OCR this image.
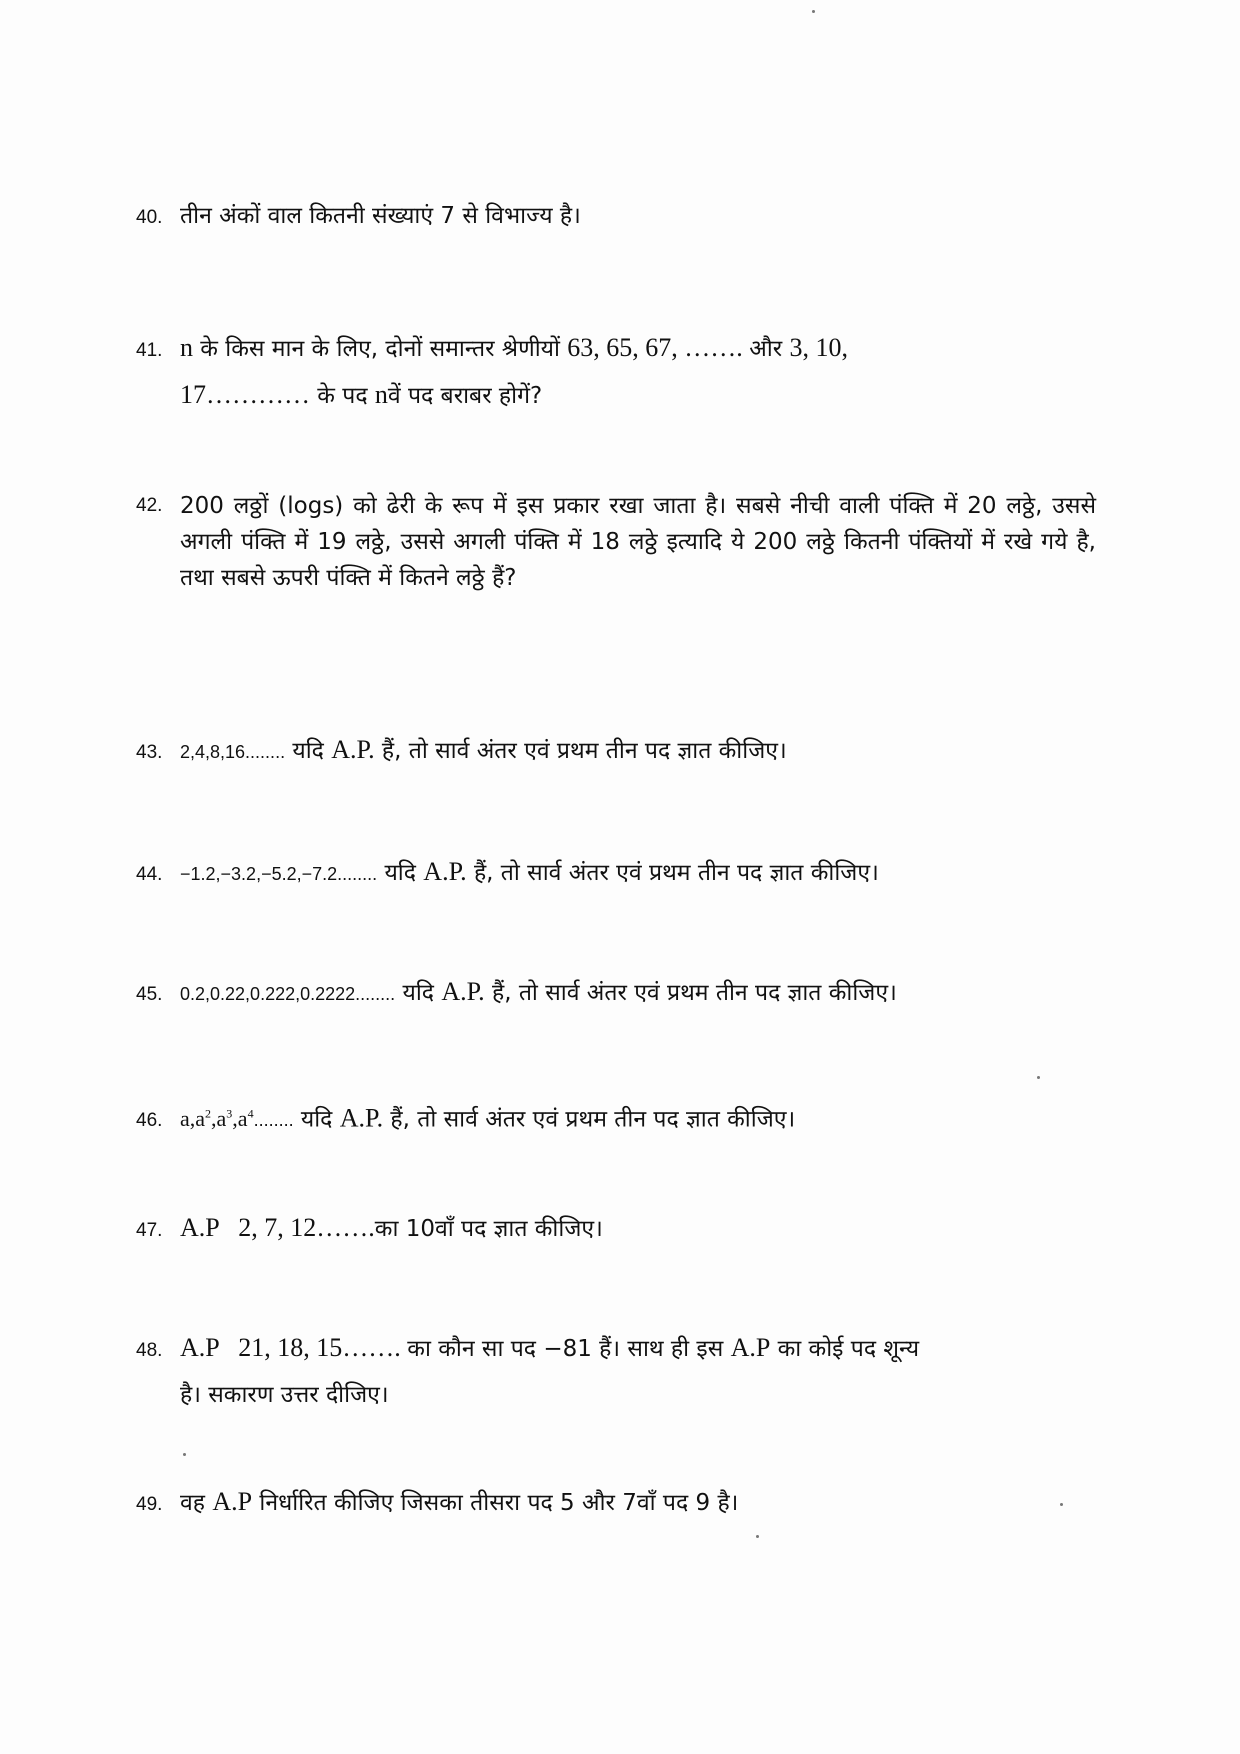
40. तीन अंकों वाल कितनी संख्याएं 7 से विभाज्य है।
41. n के किस मान के लिए, दोनों समान्तर श्रेणीयों 63, 65, 67, ……. और 3, 10,
17………… के पद nवें पद बराबर होगें?
42. 200 लठ्ठों (logs) को ढेरी के रूप में इस प्रकार रखा जाता है। सबसे नीची वाली पंक्ति में 20 लठ्ठे, उससे अगली पंक्ति में 19 लठ्ठे, उससे अगली पंक्ति में 18 लठ्ठे इत्यादि ये 200 लठ्ठे कितनी पंक्तियों में रखे गये है, तथा सबसे ऊपरी पंक्ति में कितने लठ्ठे हैं?
43. 2,4,8,16........ यदि A.P. हैं, तो सार्व अंतर एवं प्रथम तीन पद ज्ञात कीजिए।
44. −1.2,−3.2,−5.2,−7.2........ यदि A.P. हैं, तो सार्व अंतर एवं प्रथम तीन पद ज्ञात कीजिए।
45. 0.2,0.22,0.222,0.2222........ यदि A.P. हैं, तो सार्व अंतर एवं प्रथम तीन पद ज्ञात कीजिए।
46. $a,a^2,a^3,a^4$........ यदि A.P. हैं, तो सार्व अंतर एवं प्रथम तीन पद ज्ञात कीजिए।
47. A.P   2, 7, 12…….का 10वाँ पद ज्ञात कीजिए।
48. A.P   21, 18, 15……. का कौन सा पद −81 हैं। साथ ही इस A.P का कोई पद शून्य
है। सकारण उत्तर दीजिए।
49. वह A.P निर्धारित कीजिए जिसका तीसरा पद 5 और 7वाँ पद 9 है।
